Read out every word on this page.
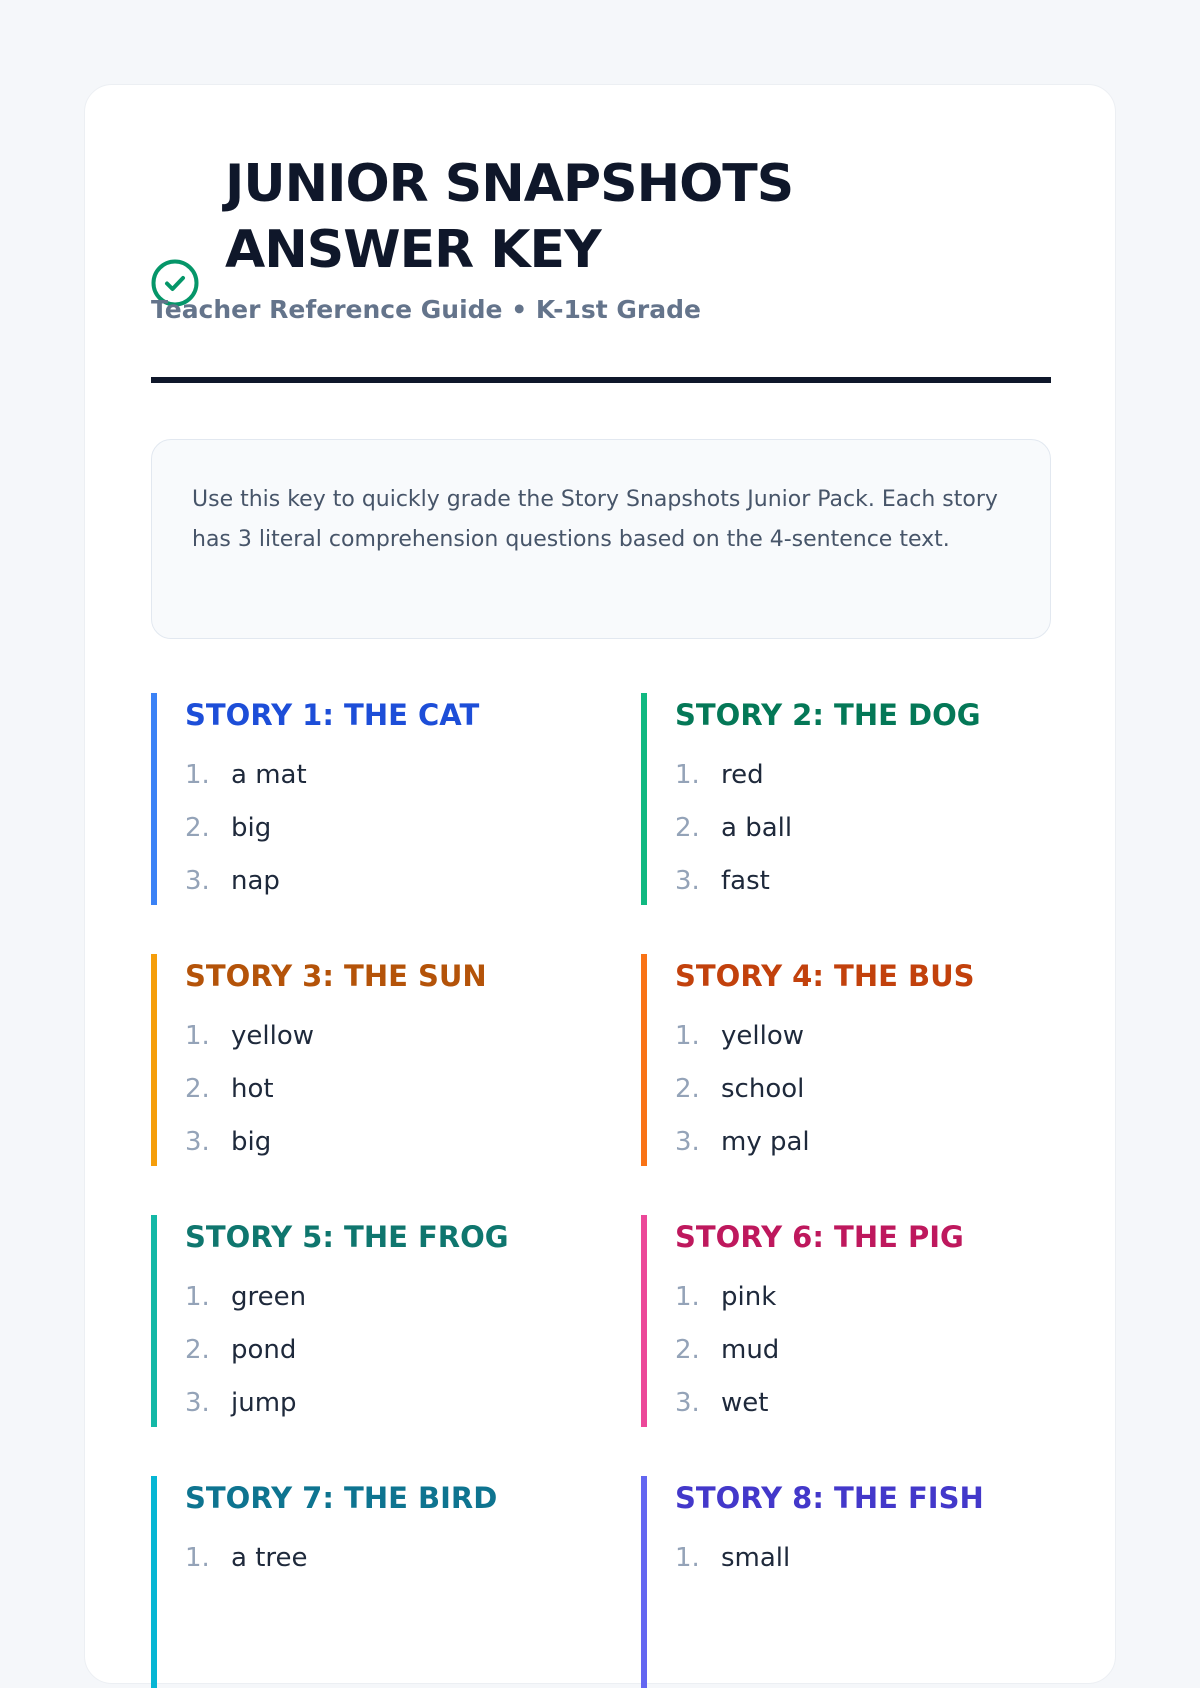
JUNIOR SNAPSHOTS ANSWER KEY
Teacher Reference Guide • K-1st Grade
Use this key to quickly grade the Story Snapshots Junior Pack. Each story has 3 literal comprehension questions based on the 4-sentence text.
STORY 1: THE CAT
1. a mat
2. big
3. nap
STORY 2: THE DOG
1. red
2. a ball
3. fast
STORY 3: THE SUN
1. yellow
2. hot
3. big
STORY 4: THE BUS
1. yellow
2. school
3. my pal
STORY 5: THE FROG
1. green
2. pond
3. jump
STORY 6: THE PIG
1. pink
2. mud
3. wet
STORY 7: THE BIRD
1. a tree
STORY 8: THE FISH
1. small
